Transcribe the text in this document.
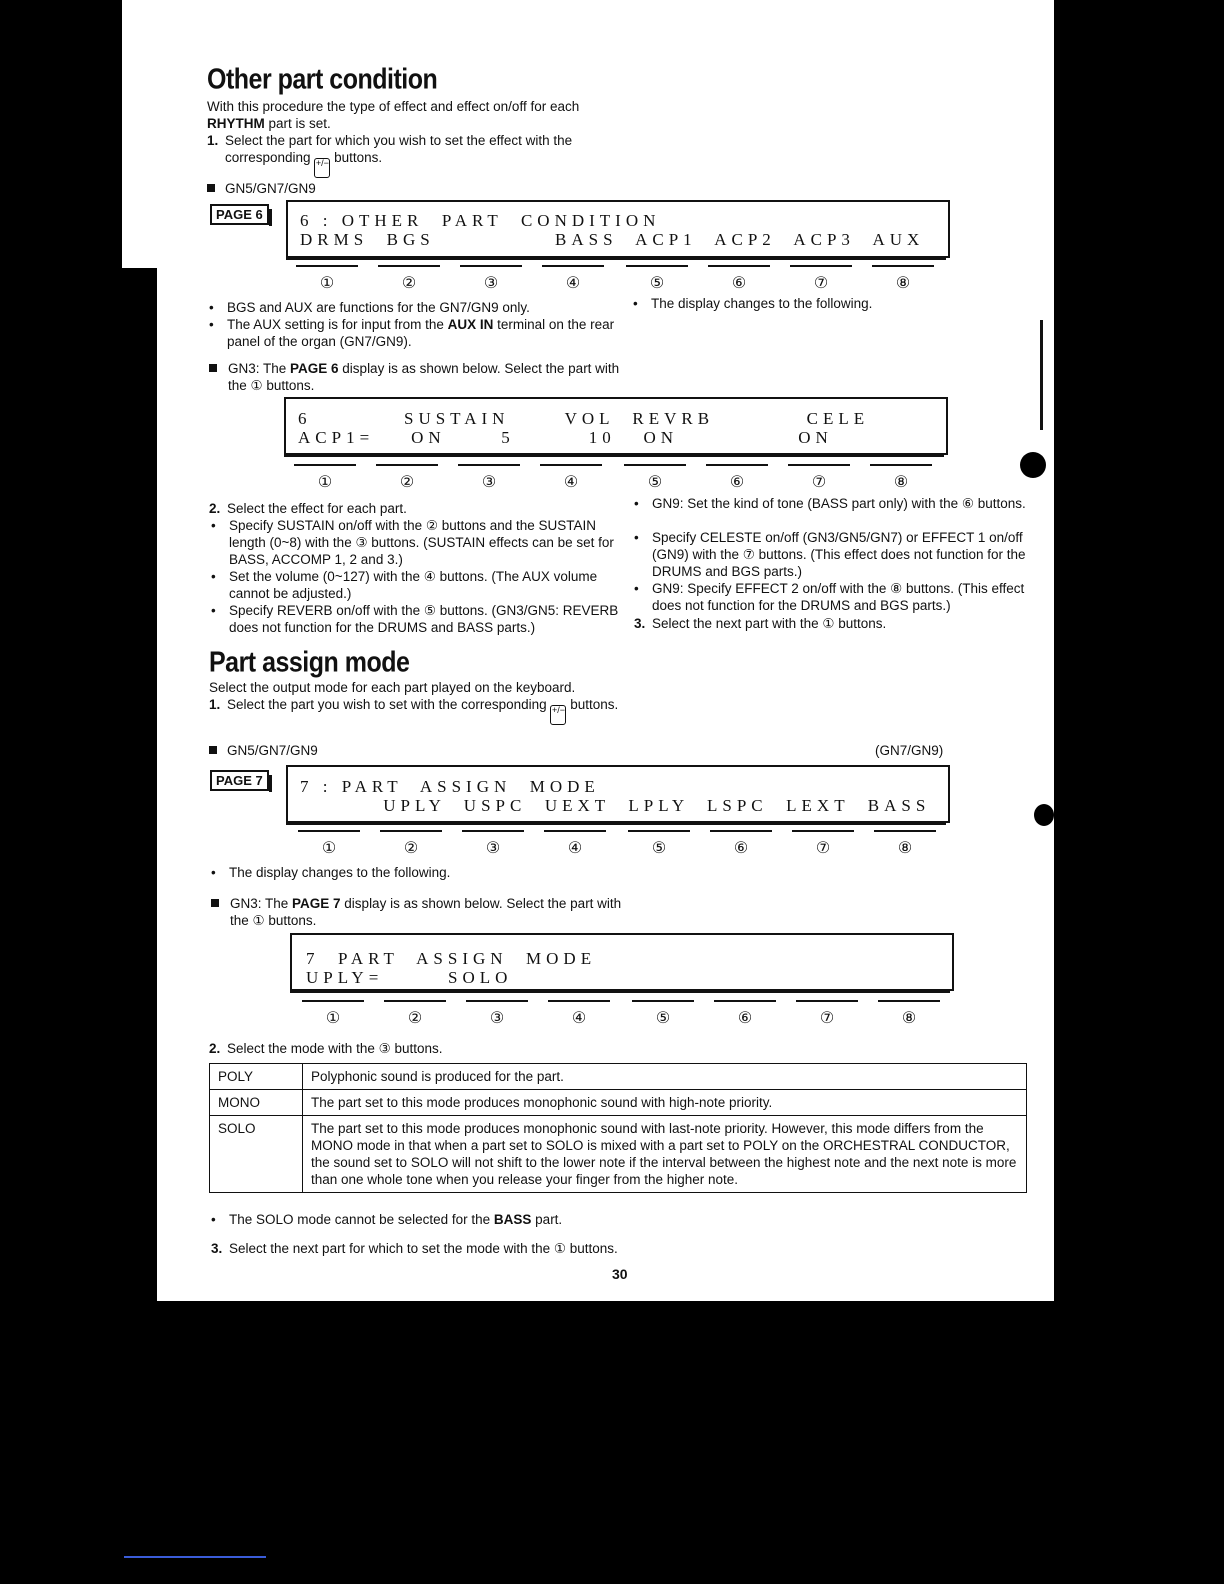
ENGLISH
Other part condition
With this procedure the type of effect and effect on/off for each RHYTHM part is set.
1. Select the part for which you wish to set the effect with the corresponding +/− buttons.
GN5/GN7/GN9
PAGE 6

	6 : OTHER  PART  CONDITION

DRMS  BGS             BASS  ACP1  ACP2  ACP3  AUX

①	②	③	④	⑤	⑥	⑦	⑧
• BGS and AUX are functions for the GN7/GN9 only.
• The AUX setting is for input from the AUX IN terminal on the rear panel of the organ (GN7/GN9).
• The display changes to the following.
GN3: The PAGE 6 display is as shown below. Select the part with the ① buttons.

6          SUSTAIN      VOL  REVRB          CELE

ACP1=    ON      5        10   ON             ON

①	②	③	④	⑤	⑥	⑦	⑧
2. Select the effect for each part.
• Specify SUSTAIN on/off with the ② buttons and the SUSTAIN length (0~8) with the ③ buttons. (SUSTAIN effects can be set for BASS, ACCOMP 1, 2 and 3.)
• Set the volume (0~127) with the ④ buttons. (The AUX volume cannot be adjusted.)
• Specify REVERB on/off with the ⑤ buttons. (GN3/GN5: REVERB does not function for the DRUMS and BASS parts.)
• GN9: Set the kind of tone (BASS part only) with the ⑥ buttons.
• Specify CELESTE on/off (GN3/GN5/GN7) or EFFECT 1 on/off (GN9) with the ⑦ buttons. (This effect does not function for the DRUMS and BGS parts.)
• GN9: Specify EFFECT 2 on/off with the ⑧ buttons. (This effect does not function for the DRUMS and BGS parts.)
3. Select the next part with the ① buttons.
Part assign mode
Select the output mode for each part played on the keyboard.
1. Select the part you wish to set with the corresponding +/− buttons.
GN5/GN7/GN9	(GN7/GN9)
PAGE 7

	7 : PART  ASSIGN  MODE

UPLY  USPC  UEXT  LPLY  LSPC  LEXT  BASS

①	②	③	④	⑤	⑥	⑦	⑧
• The display changes to the following.
GN3: The PAGE 7 display is as shown below. Select the part with the ① buttons.

7  PART  ASSIGN  MODE

UPLY=       SOLO

①	②	③	④	⑤	⑥	⑦	⑧
2. Select the mode with the ③ buttons.
POLY	Polyphonic sound is produced for the part.
MONO	The part set to this mode produces monophonic sound with high-note priority.
SOLO	The part set to this mode produces monophonic sound with last-note priority. However, this mode differs from the MONO mode in that when a part set to SOLO is mixed with a part set to POLY on the ORCHESTRAL CONDUCTOR, the sound set to SOLO will not shift to the lower note if the interval between the highest note and the next note is more than one whole tone when you release your finger from the higher note.
• The SOLO mode cannot be selected for the BASS part.
3. Select the next part for which to set the mode with the ① buttons.
30
